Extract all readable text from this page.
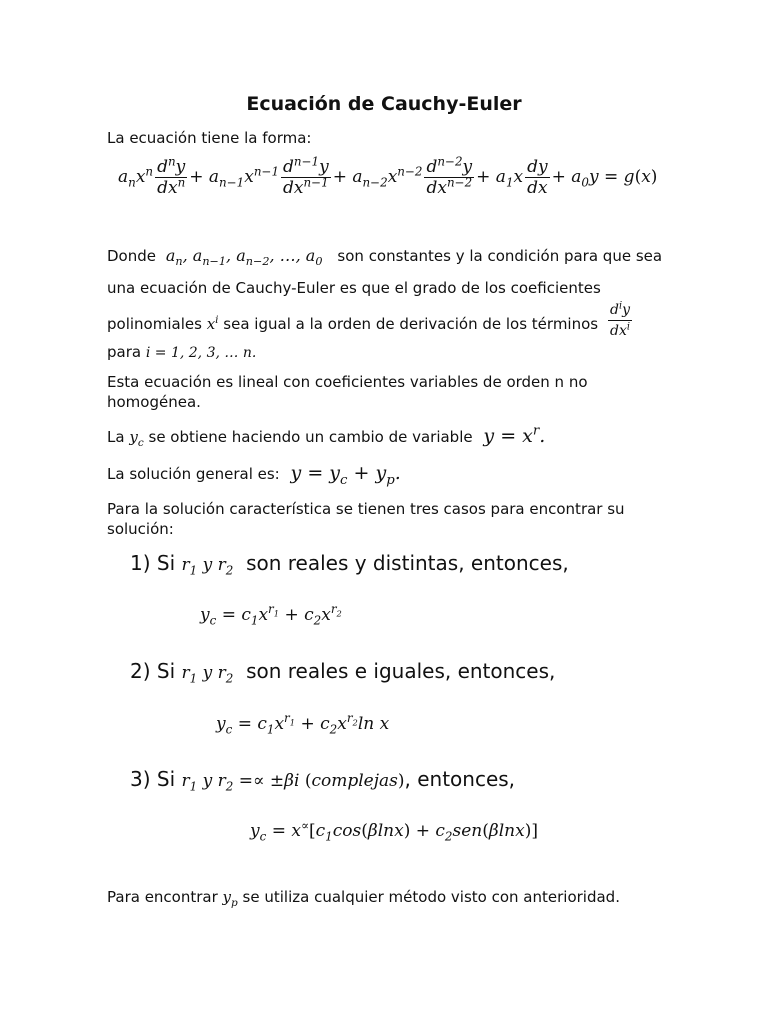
Ecuación de Cauchy-Euler
La ecuación tiene la forma:
$a_nx^n \frac{d^ny}{dx^n} + a_{n-1}x^{n-1} \frac{d^{n-1}y}{dx^{n-1}} + a_{n-2}x^{n-2} \frac{d^{n-2}y}{dx^{n-2}} + a_1x \frac{dy}{dx} + a_0y = g(x)$
Donde  $a_n$, $a_{n-1}$, $a_{n-2}$, …, $a_0$ son constantes y la condición para que sea
una ecuación de Cauchy-Euler es que el grado de los coeficientes
polinomiales $x^i$ sea igual a la orden de derivación de los términos $\frac{d^iy}{dx^i}$
para i = 1, 2, 3, … n.
Esta ecuación es lineal con coeficientes variables de orden n no
homogénea.
La $y_c$ se obtiene haciendo un cambio de variable  $y = x^r$.
La solución general es:  $y = y_c + y_p$.
Para la solución característica se tienen tres casos para encontrar su
solución:
1) Si $r_1$ y $r_2$ son reales y distintas, entonces,
$y_c = c_1x^{r_1} + c_2x^{r_2}$
2) Si $r_1$ y $r_2$ son reales e iguales, entonces,
$y_c = c_1x^{r_1} + c_2x^{r_2}\ln$ x
3) Si $r_1$ y $r_2 =\propto \pm\beta i$ (complejas), entonces,
$y_c = x^\propto[c_1\cos(\beta\ln x) + c_2sen(\beta\ln x)]$
Para encontrar $y_p$ se utiliza cualquier método visto con anterioridad.
